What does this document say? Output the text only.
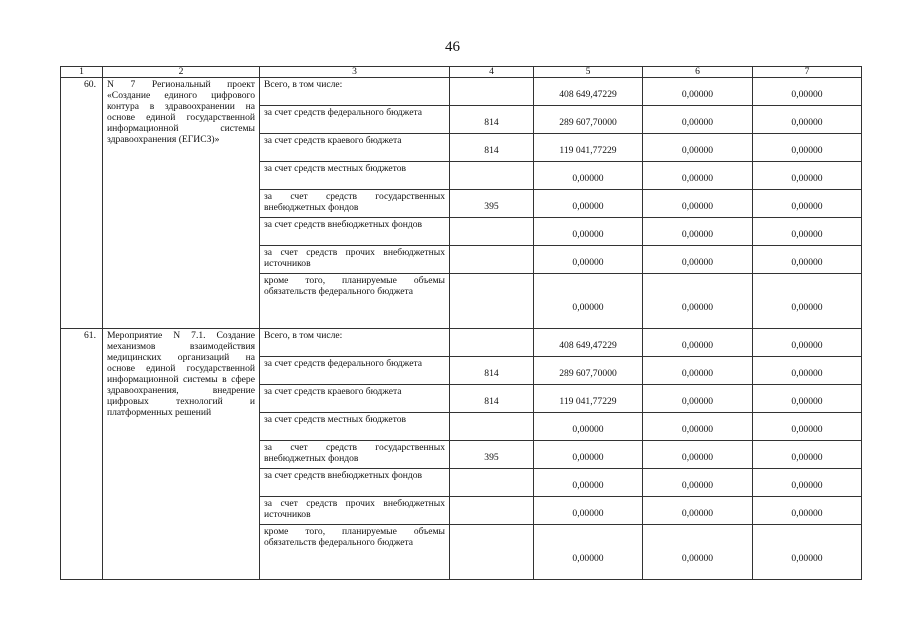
46
1	2	3	4	5	6	7
60.	N 7 Региональный проект «Создание единого цифрового контура в здравоохранении на основе единой государственной информационной системы здравоохранения (ЕГИСЗ)»	Всего, в том числе:		408 649,47229	0,00000	0,00000
		за счет средств федерального бюджета	814	289 607,70000	0,00000	0,00000
		за счет средств краевого бюджета	814	119 041,77229	0,00000	0,00000
		за счет средств местных бюджетов		0,00000	0,00000	0,00000
		за счет средств государственных внебюджетных фондов	395	0,00000	0,00000	0,00000
		за счет средств внебюджетных фондов		0,00000	0,00000	0,00000
		за счет средств прочих внебюджетных источников		0,00000	0,00000	0,00000
		кроме того, планируемые объемы обязательств федерального бюджета		0,00000	0,00000	0,00000
61.	Мероприятие N 7.1. Создание механизмов взаимодействия медицинских организаций на основе единой государственной информационной системы в сфере здравоохранения, внедрение цифровых технологий и платформенных решений	Всего, в том числе:		408 649,47229	0,00000	0,00000
		за счет средств федерального бюджета	814	289 607,70000	0,00000	0,00000
		за счет средств краевого бюджета	814	119 041,77229	0,00000	0,00000
		за счет средств местных бюджетов		0,00000	0,00000	0,00000
		за счет средств государственных внебюджетных фондов	395	0,00000	0,00000	0,00000
		за счет средств внебюджетных фондов		0,00000	0,00000	0,00000
		за счет средств прочих внебюджетных источников		0,00000	0,00000	0,00000
		кроме того, планируемые объемы обязательств федерального бюджета		0,00000	0,00000	0,00000
